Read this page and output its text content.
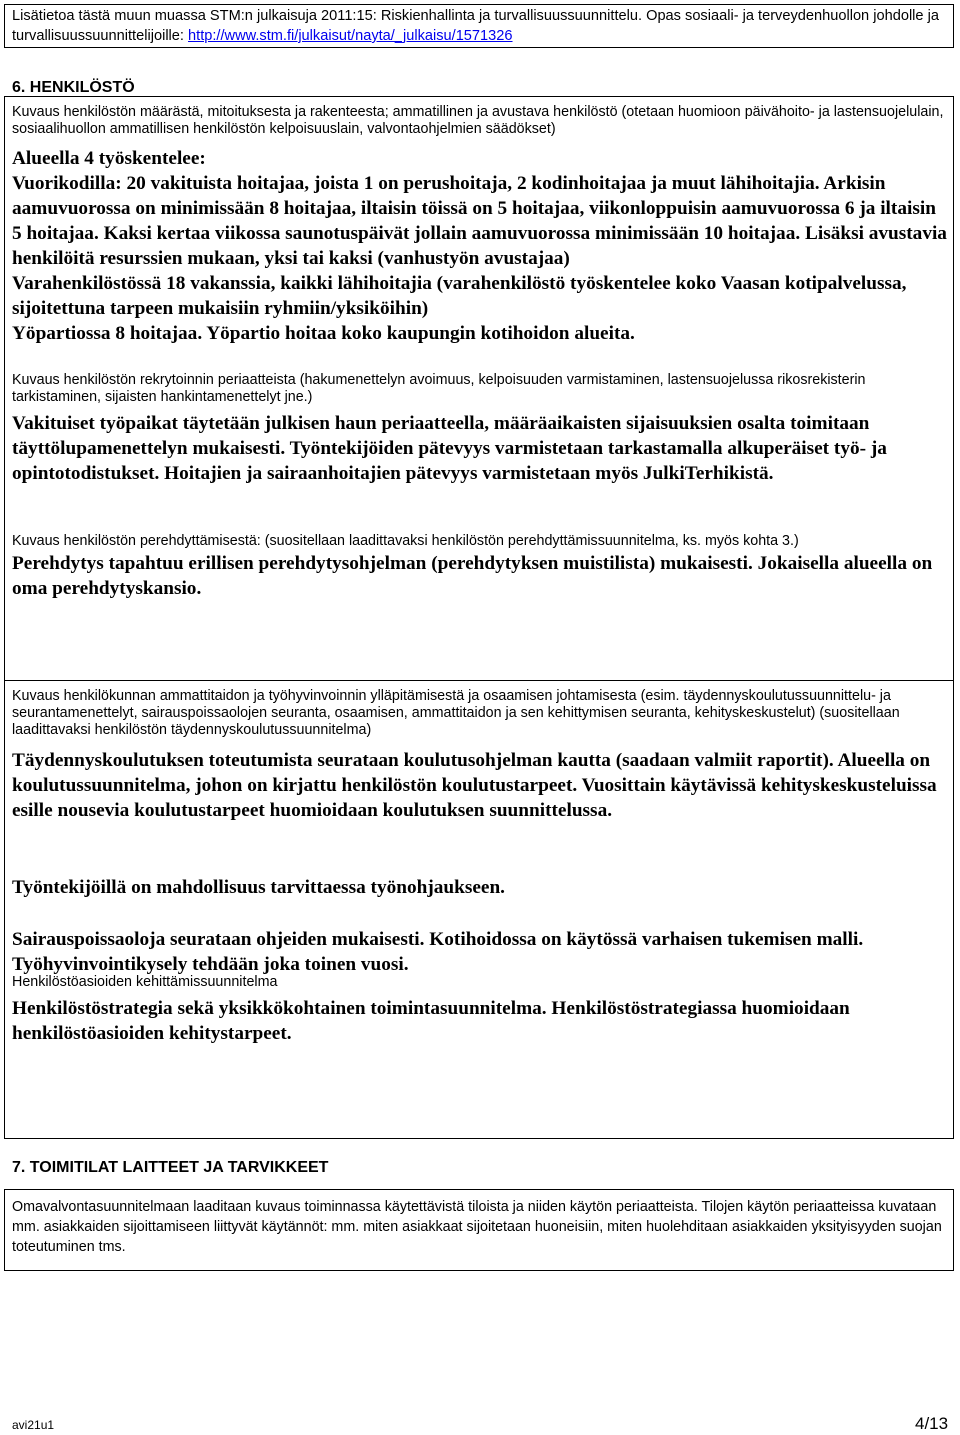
Lisätietoa tästä muun muassa STM:n julkaisuja 2011:15: Riskienhallinta ja turvallisuussuunnittelu. Opas sosiaali- ja terveydenhuollon johdolle ja turvallisuussuunnittelijoille: http://www.stm.fi/julkaisut/nayta/_julkaisu/1571326
6. HENKILÖSTÖ

Kuvaus henkilöstön määrästä, mitoituksesta ja rakenteesta; ammatillinen ja avustava henkilöstö (otetaan huomioon päivähoito- ja lastensuojelulain, sosiaalihuollon ammatillisen henkilöstön kelpoisuuslain, valvontaohjelmien säädökset)

Alueella 4 työskentelee:
Vuorikodilla: 20 vakituista hoitajaa, joista 1 on perushoitaja, 2 kodinhoitajaa ja muut lähihoitajia. Arkisin aamuvuorossa on minimissään 8 hoitajaa, iltaisin töissä on 5 hoitajaa, viikonloppuisin aamuvuorossa 6 ja iltaisin 5 hoitajaa. Kaksi kertaa viikossa saunotuspäivät jollain aamuvuorossa minimissään 10 hoitajaa. Lisäksi avustavia henkilöitä resurssien mukaan, yksi tai kaksi (vanhustyön avustajaa)
Varahenkilöstössä 18 vakanssia, kaikki lähihoitajia (varahenkilöstö työskentelee koko Vaasan kotipalvelussa, sijoitettuna tarpeen mukaisiin ryhmiin/yksiköihin)
Yöpartiossa 8 hoitajaa. Yöpartio hoitaa koko kaupungin kotihoidon alueita.

Kuvaus henkilöstön rekrytoinnin periaatteista (hakumenettelyn avoimuus, kelpoisuuden varmistaminen, lastensuojelussa rikosrekisterin tarkistaminen, sijaisten hankintamenettelyt jne.)

Vakituiset työpaikat täytetään julkisen haun periaatteella, määräaikaisten sijaisuuksien osalta toimitaan täyttölupamenettelyn mukaisesti. Työntekijöiden pätevyys varmistetaan tarkastamalla alkuperäiset työ- ja opintotodistukset. Hoitajien ja sairaanhoitajien pätevyys varmistetaan myös JulkiTerhikistä.

Kuvaus henkilöstön perehdyttämisestä: (suositellaan laadittavaksi henkilöstön perehdyttämissuunnitelma, ks. myös kohta 3.)

Perehdytys tapahtuu erillisen perehdytysohjelman (perehdytyksen muistilista) mukaisesti. Jokaisella alueella on oma perehdytyskansio.

Kuvaus henkilökunnan ammattitaidon ja työhyvinvoinnin ylläpitämisestä ja osaamisen johtamisesta (esim. täydennyskoulutussuunnittelu- ja seurantamenettelyt, sairauspoissaolojen seuranta, osaamisen, ammattitaidon ja sen kehittymisen seuranta, kehityskeskustelut) (suositellaan laadittavaksi henkilöstön täydennyskoulutussuunnitelma)

Täydennyskoulutuksen toteutumista seurataan koulutusohjelman kautta (saadaan valmiit raportit). Alueella on koulutussuunnitelma, johon on kirjattu henkilöstön koulutustarpeet. Vuosittain käytävissä kehityskeskusteluissa esille nousevia koulutustarpeet huomioidaan koulutuksen suunnittelussa.

Työntekijöillä on mahdollisuus tarvittaessa työnohjaukseen.

Sairauspoissaoloja seurataan ohjeiden mukaisesti. Kotihoidossa on käytössä varhaisen tukemisen malli. Työhyvinvointikysely tehdään joka toinen vuosi.

Henkilöstöasioiden kehittämissuunnitelma

Henkilöstöstrategia sekä yksikkökohtainen toimintasuunnitelma. Henkilöstöstrategiassa huomioidaan henkilöstöasioiden kehitystarpeet.

7. TOIMITILAT LAITTEET JA TARVIKKEET

Omavalvontasuunnitelmaan laaditaan kuvaus toiminnassa käytettävistä tiloista ja niiden käytön periaatteista. Tilojen käytön periaatteissa kuvataan mm. asiakkaiden sijoittamiseen liittyvät käytännöt: mm. miten asiakkaat sijoitetaan huoneisiin, miten huolehditaan asiakkaiden yksityisyyden suojan toteutuminen tms.

avi21u1	4/13
